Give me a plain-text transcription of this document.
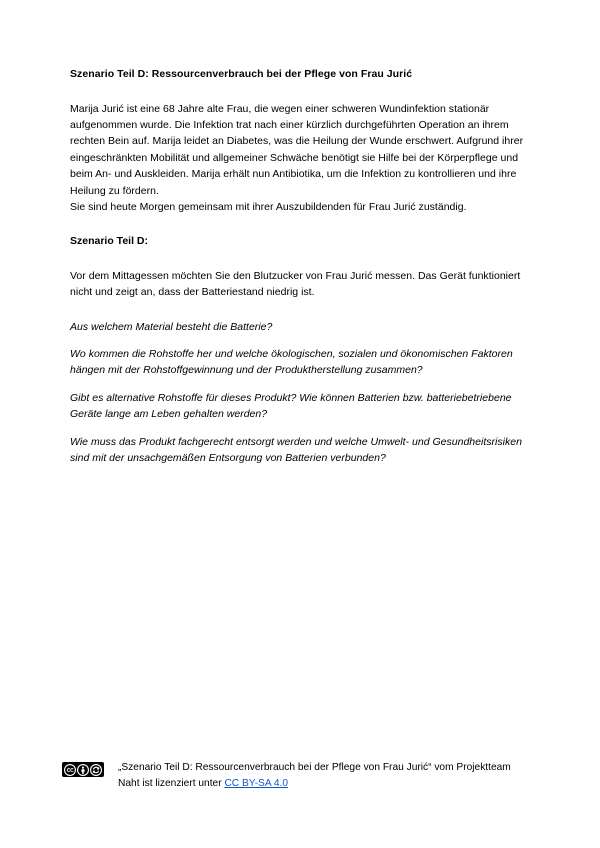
Szenario Teil D: Ressourcenverbrauch bei der Pflege von Frau Jurić

Marija Jurić ist eine 68 Jahre alte Frau, die wegen einer schweren Wundinfektion stationär aufgenommen wurde. Die Infektion trat nach einer kürzlich durchgeführten Operation an ihrem rechten Bein auf. Marija leidet an Diabetes, was die Heilung der Wunde erschwert. Aufgrund ihrer eingeschränkten Mobilität und allgemeiner Schwäche benötigt sie Hilfe bei der Körperpflege und beim An- und Auskleiden. Marija erhält nun Antibiotika, um die Infektion zu kontrollieren und ihre Heilung zu fördern.

Sie sind heute Morgen gemeinsam mit ihrer Auszubildenden für Frau Jurić zuständig.

Szenario Teil D:

Vor dem Mittagessen möchten Sie den Blutzucker von Frau Jurić messen. Das Gerät funktioniert nicht und zeigt an, dass der Batteriestand niedrig ist.

Aus welchem Material besteht die Batterie?

Wo kommen die Rohstoffe her und welche ökologischen, sozialen und ökonomischen Faktoren hängen mit der Rohstoffgewinnung und der Produktherstellung zusammen?

Gibt es alternative Rohstoffe für dieses Produkt? Wie können Batterien bzw. batteriebetriebene Geräte lange am Leben gehalten werden?

Wie muss das Produkt fachgerecht entsorgt werden und welche Umwelt- und Gesundheitsrisiken sind mit der unsachgemäßen Entsorgung von Batterien verbunden?

„Szenario Teil D: Ressourcenverbrauch bei der Pflege von Frau Jurić“ vom Projektteam Naht ist lizenziert unter CC BY-SA 4.0
